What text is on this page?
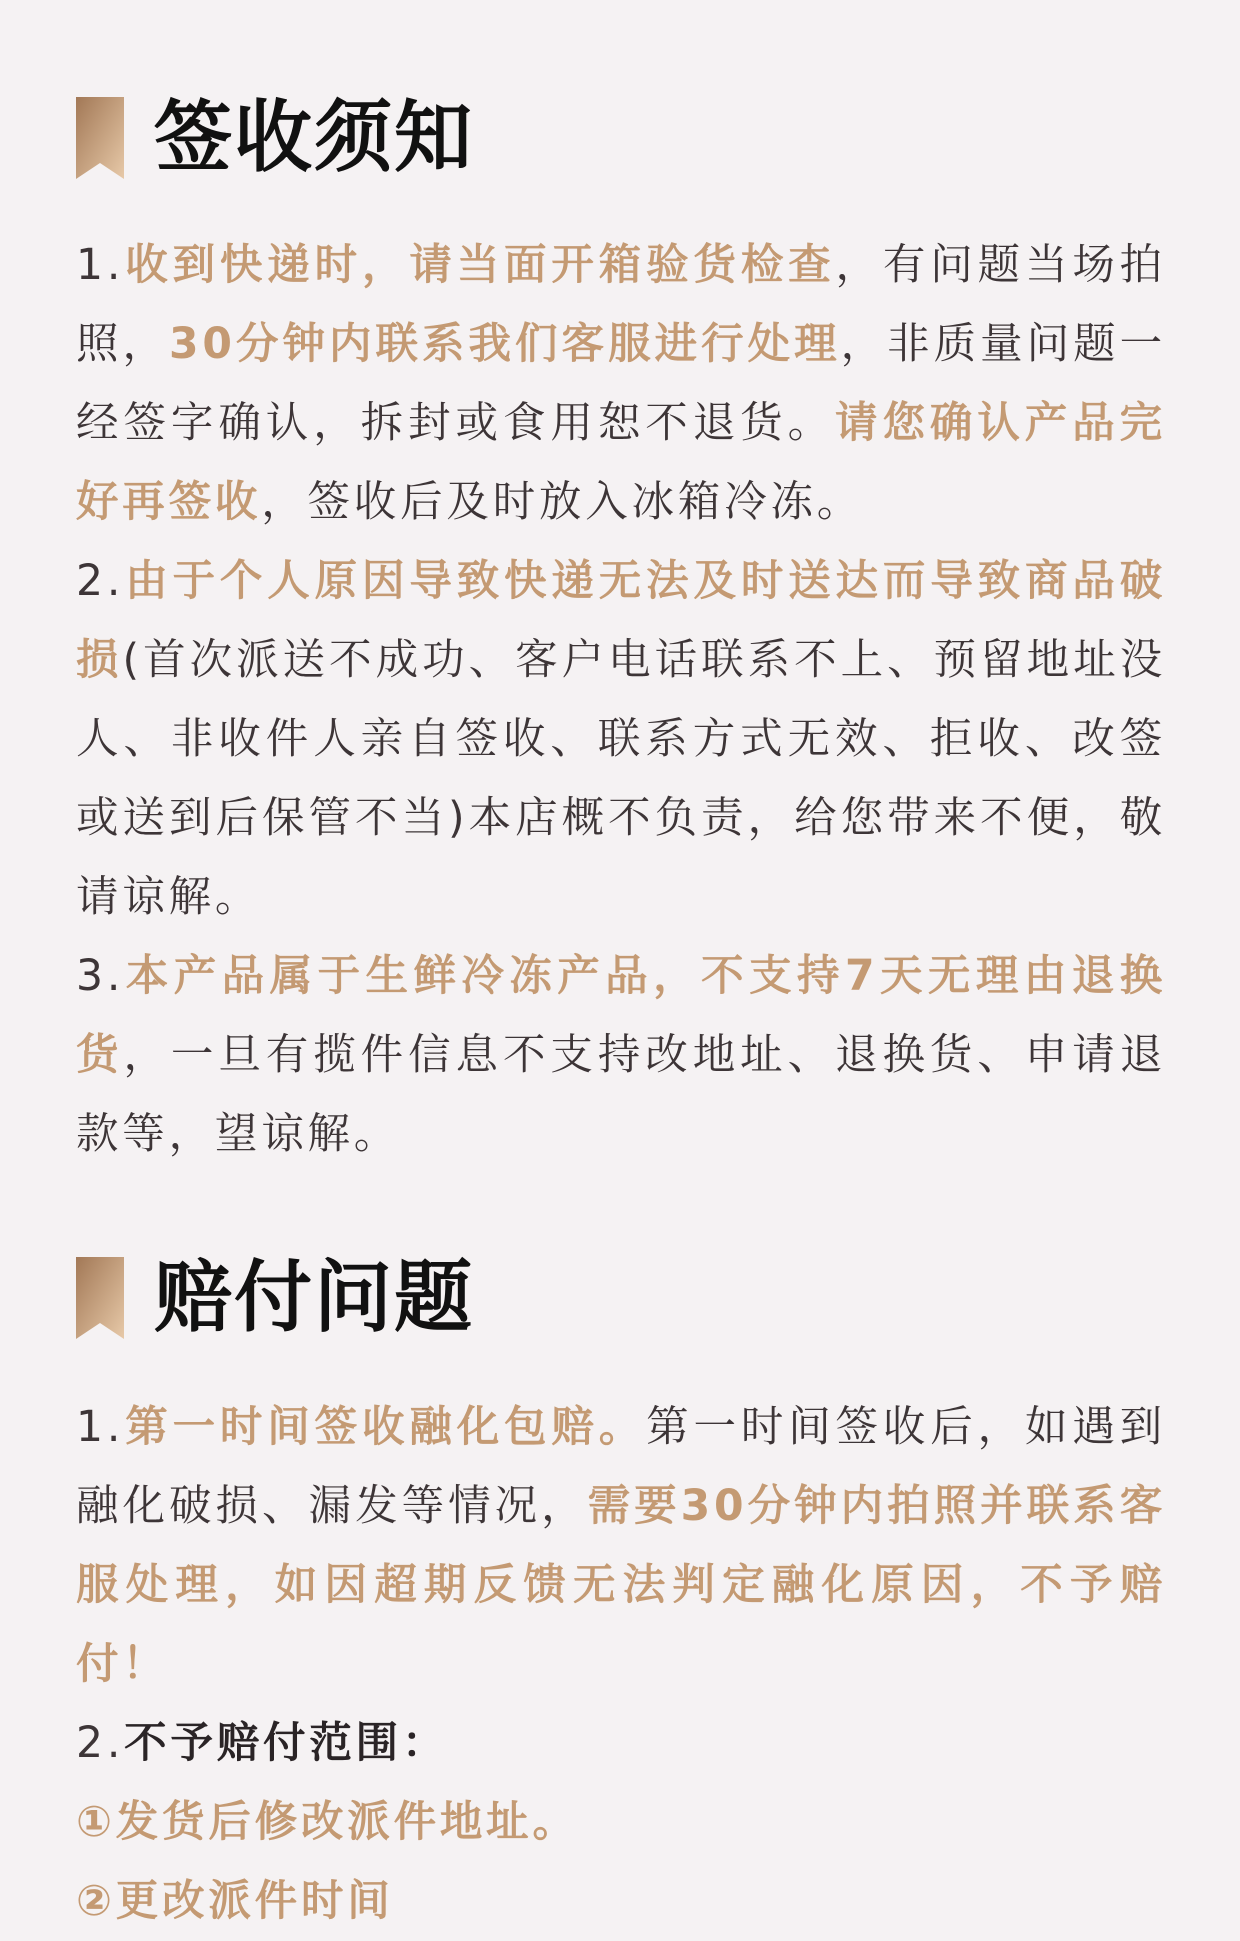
签收须知

1.收到快递时，请当面开箱验货检查，有问题当场拍照，30分钟内联系我们客服进行处理，非质量问题一经签字确认，拆封或食用恕不退货。请您确认产品完好再签收，签收后及时放入冰箱冷冻。

2.由于个人原因导致快递无法及时送达而导致商品破损(首次派送不成功、客户电话联系不上、预留地址没人、非收件人亲自签收、联系方式无效、拒收、改签或送到后保管不当)本店概不负责，给您带来不便，敬请谅解。

3.本产品属于生鲜冷冻产品，不支持7天无理由退换货，一旦有揽件信息不支持改地址、退换货、申请退款等，望谅解。

赔付问题

1.第一时间签收融化包赔。第一时间签收后，如遇到融化破损、漏发等情况，需要30分钟内拍照并联系客服处理，如因超期反馈无法判定融化原因，不予赔付！

2.不予赔付范围：

①发货后修改派件地址。

②更改派件时间
